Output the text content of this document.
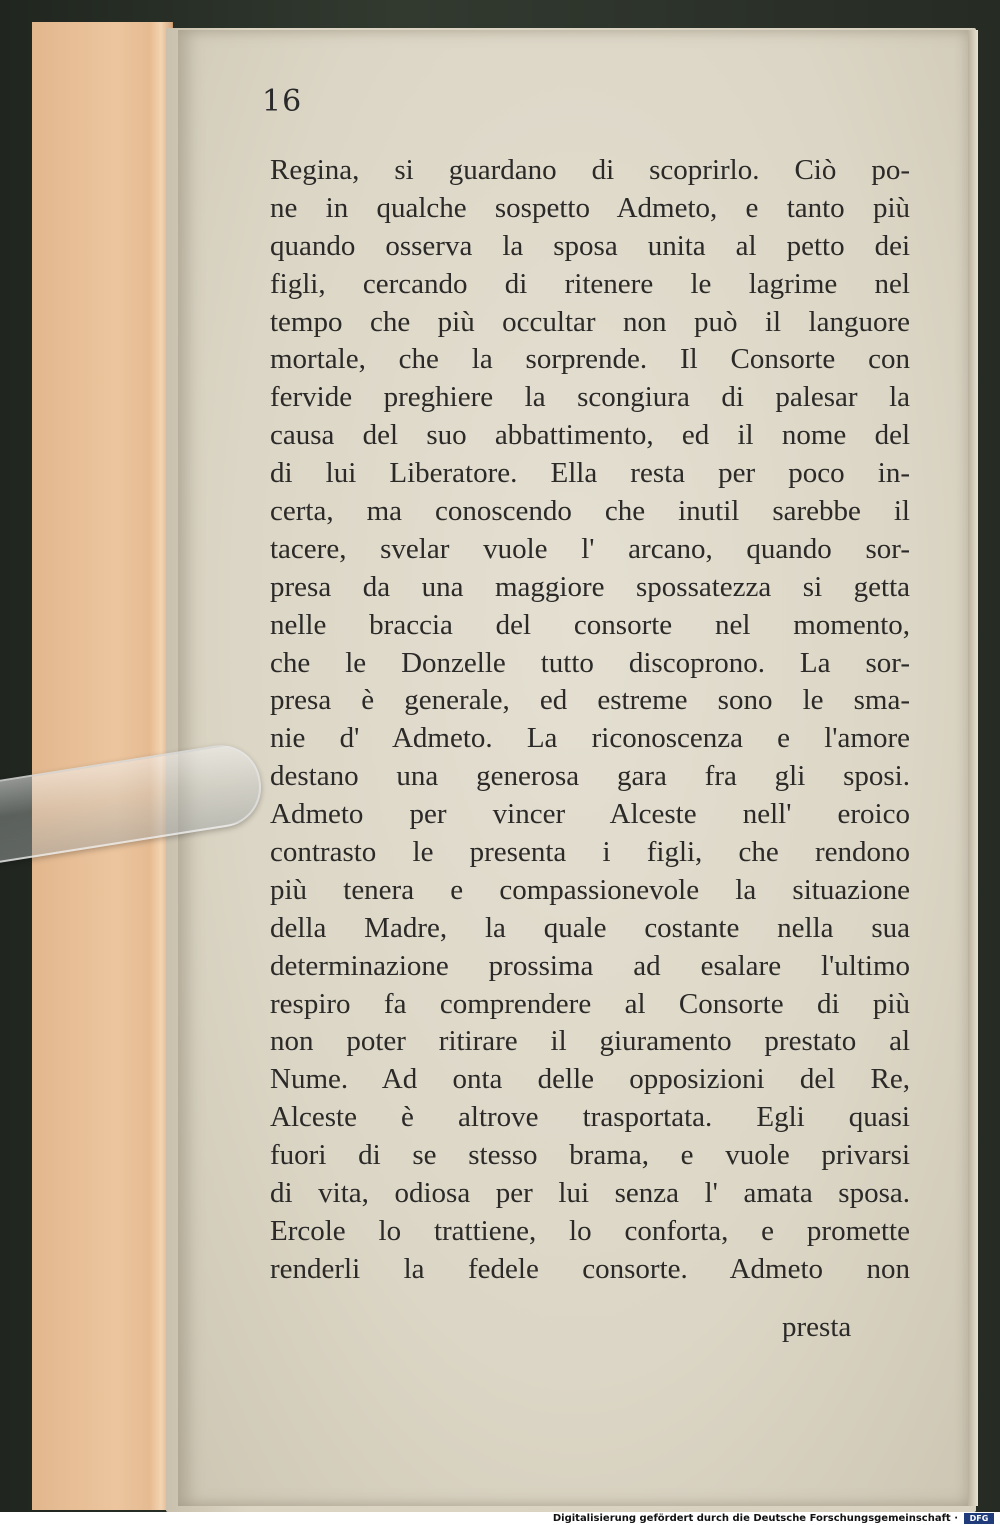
16
Regina, si guardano di scoprirlo. Ciò po-
ne in qualche sospetto Admeto, e tanto più
quando osserva la sposa unita al petto dei
figli, cercando di ritenere le lagrime nel
tempo che più occultar non può il languore
mortale, che la sorprende. Il Consorte con
fervide preghiere la scongiura di palesar la
causa del suo abbattimento, ed il nome del
di lui Liberatore. Ella resta per poco in-
certa, ma conoscendo che inutil sarebbe il
tacere, svelar vuole l' arcano, quando sor-
presa da una maggiore spossatezza si getta
nelle braccia del consorte nel momento,
che le Donzelle tutto discoprono. La sor-
presa è generale, ed estreme sono le sma-
nie d' Admeto. La riconoscenza e l'amore
destano una generosa gara fra gli sposi.
Admeto per vincer Alceste nell' eroico
contrasto le presenta i figli, che rendono
più tenera e compassionevole la situazione
della Madre, la quale costante nella sua
determinazione prossima ad esalare l'ultimo
respiro fa comprendere al Consorte di più
non poter ritirare il giuramento prestato al
Nume. Ad onta delle opposizioni del Re,
Alceste è altrove trasportata. Egli quasi
fuori di se stesso brama, e vuole privarsi
di vita, odiosa per lui senza l' amata sposa.
Ercole lo trattiene, lo conforta, e promette
renderli la fedele consorte. Admeto non
presta
Digitalisierung gefördert durch die Deutsche Forschungsgemeinschaft ·	DFG
